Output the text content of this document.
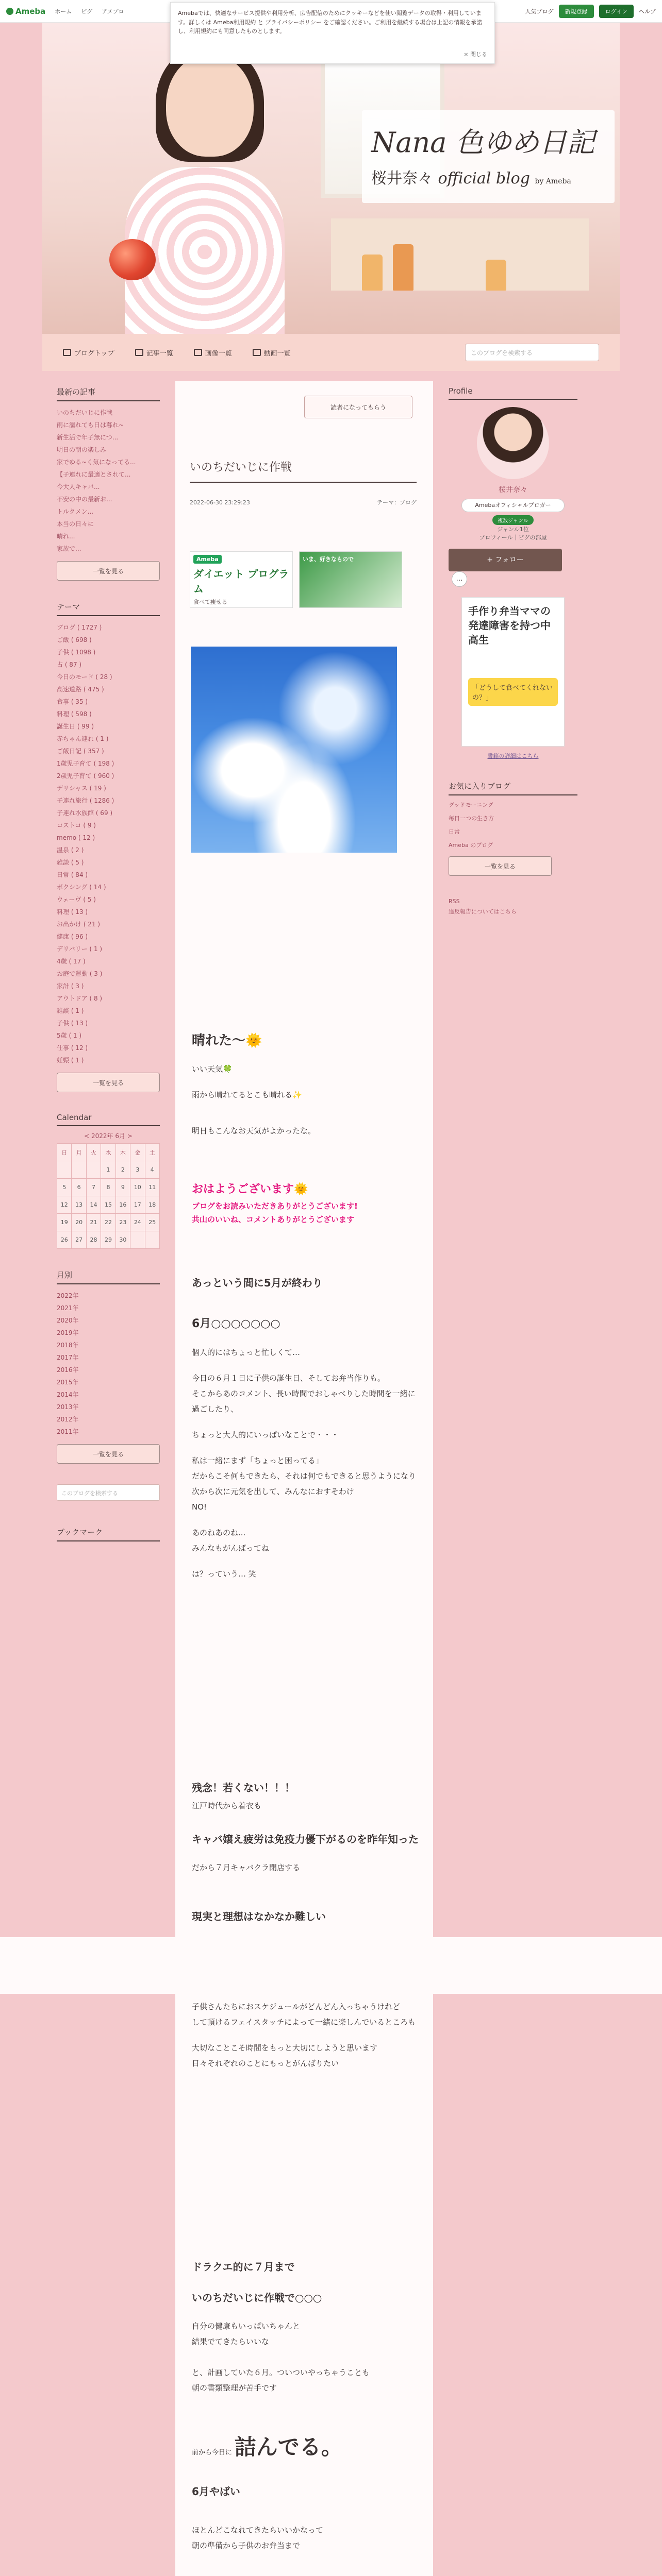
Ameba ホーム ピグ アメプロ	人気ブログ	新規登録	ログイン	ヘルプ
Amebaでは、快適なサービス提供や利用分析、広告配信のためにクッキーなどを使い閲覧データの取得・利用しています。詳しくは Ameba利用規約 と プライバシーポリシー をご確認ください。ご利用を継続する場合は上記の情報を承諾し、利用規約にも同意したものとします。
× 閉じる
Nana 色ゆめ日記
桜井奈々 official blog by Ameba
ブログトップ	記事一覧	画像一覧	動画一覧	このブログを検索する
最新の記事
いのちだいじに作戦
雨に濡れても日は暮れ~
新生活で年子無につ...
明日の朝の楽しみ
家でゆる~く気になってる...
【子連れに最適とされて...
今大人キャバ...
不安の中の最新お...
トルクメン...
本当の日々に
晴れ...
家族で...
一覧を見る
テーマ
ブログ ( 1727 )
ご飯 ( 698 )
子供 ( 1098 )
占 ( 87 )
今日のモード ( 28 )
高速道路 ( 475 )
食事 ( 35 )
料理 ( 598 )
誕生日 ( 99 )
赤ちゃん連れ ( 1 )
ご飯日記 ( 357 )
1歳児子育て ( 198 )
2歳児子育て ( 960 )
デリシャス ( 19 )
子連れ旅行 ( 1286 )
子連れ水族館 ( 69 )
コストコ ( 9 )
memo ( 12 )
温泉 ( 2 )
雑談 ( 5 )
日常 ( 84 )
ボクシング ( 14 )
ウェーヴ ( 5 )
料理 ( 13 )
お出かけ ( 21 )
健康 ( 96 )
デリバリー ( 1 )
4歳 ( 17 )
お庭で運動 ( 3 )
家計 ( 3 )
アウトドア ( 8 )
雑談 ( 1 )
子供 ( 13 )
5歳 ( 1 )
仕事 ( 12 )
妊娠 ( 1 )
一覧を見る
Calendar
< 2022年 6月 >
日	月	火	水	木	金	土
			1	2	3	4
5	6	7	8	9	10	11
12	13	14	15	16	17	18
19	20	21	22	23	24	25
26	27	28	29	30		
月別
2022年
2021年
2020年
2019年
2018年
2017年
2016年
2015年
2014年
2013年
2012年
2011年
一覧を見る
このブログを検索する
ブックマーク
読者になってもらう
いのちだいじに作戦
2022-06-30 23:29:23	テーマ：ブログ
Ameba
ダイエット プログラム
食べて痩せる
いま、好きなもので
晴れた〜🌞
いい天気🍀
雨から晴れてるとこも晴れる✨
明日もこんなお天気がよかったな。
おはようございます🌞
ブログをお読みいただきありがとうございます!
共山のいいね、コメントありがとうございます
あっという間に5月が終わり
6月○○○○○○○
個人的にはちょっと忙しくて…
今日の６月１日に子供の誕生日、そしてお弁当作りも。
そこからあのコメント、長い時間でおしゃべりした時間を一緒に過ごしたり、
ちょっと大人的にいっぱいなことで・・・
私は一緒にまず「ちょっと困ってる」
だからこそ何もできたら、それは何でもできると思うようになり
次から次に元気を出して、みんなにおすそわけ
NO!
あのねあのね...
みんなもがんばってね
は？っていう… 笑
残念！若くない！！！
江戸時代から着衣も
キャバ嬢え疲労は免疫力優下がるのを昨年知った
だから７月キャバクラ閉店する
現実と理想はなかなか難しい
子供さんたちにおスケジュールがどんどん入っちゃうけれど
して頂けるフェイスタッチによって一緒に楽しんでいるところも
大切なことこそ時間をもっと大切にしようと思います
日々それぞれのことにもっとがんばりたい
ドラクエ的に７月まで
いのちだいじに作戦で○○○
自分の健康もいっぱいちゃんと
結果でてきたらいいな
と、計画していた６月。ついついやっちゃうことも
朝の書類整理が苦手です
前から今日に 詰んでる。
6月やばい
ほとんどこなれてきたらいいかなって
朝の準備から子供のお弁当まで
Profile
桜井奈々
Amebaオフィシャルブロガー
複数ジャンル
ジャンル1位
プロフィール｜ピグの部屋
+ フォロー …
手作り弁当ママの発達障害を持つ中高生
「どうして食べてくれないの？」
書籍の詳細はこちら
お気に入りブログ
グッドモーニング
毎日一つの生き方
日常
Ameba のブログ
一覧を見る
RSS
違反報告についてはこちら
